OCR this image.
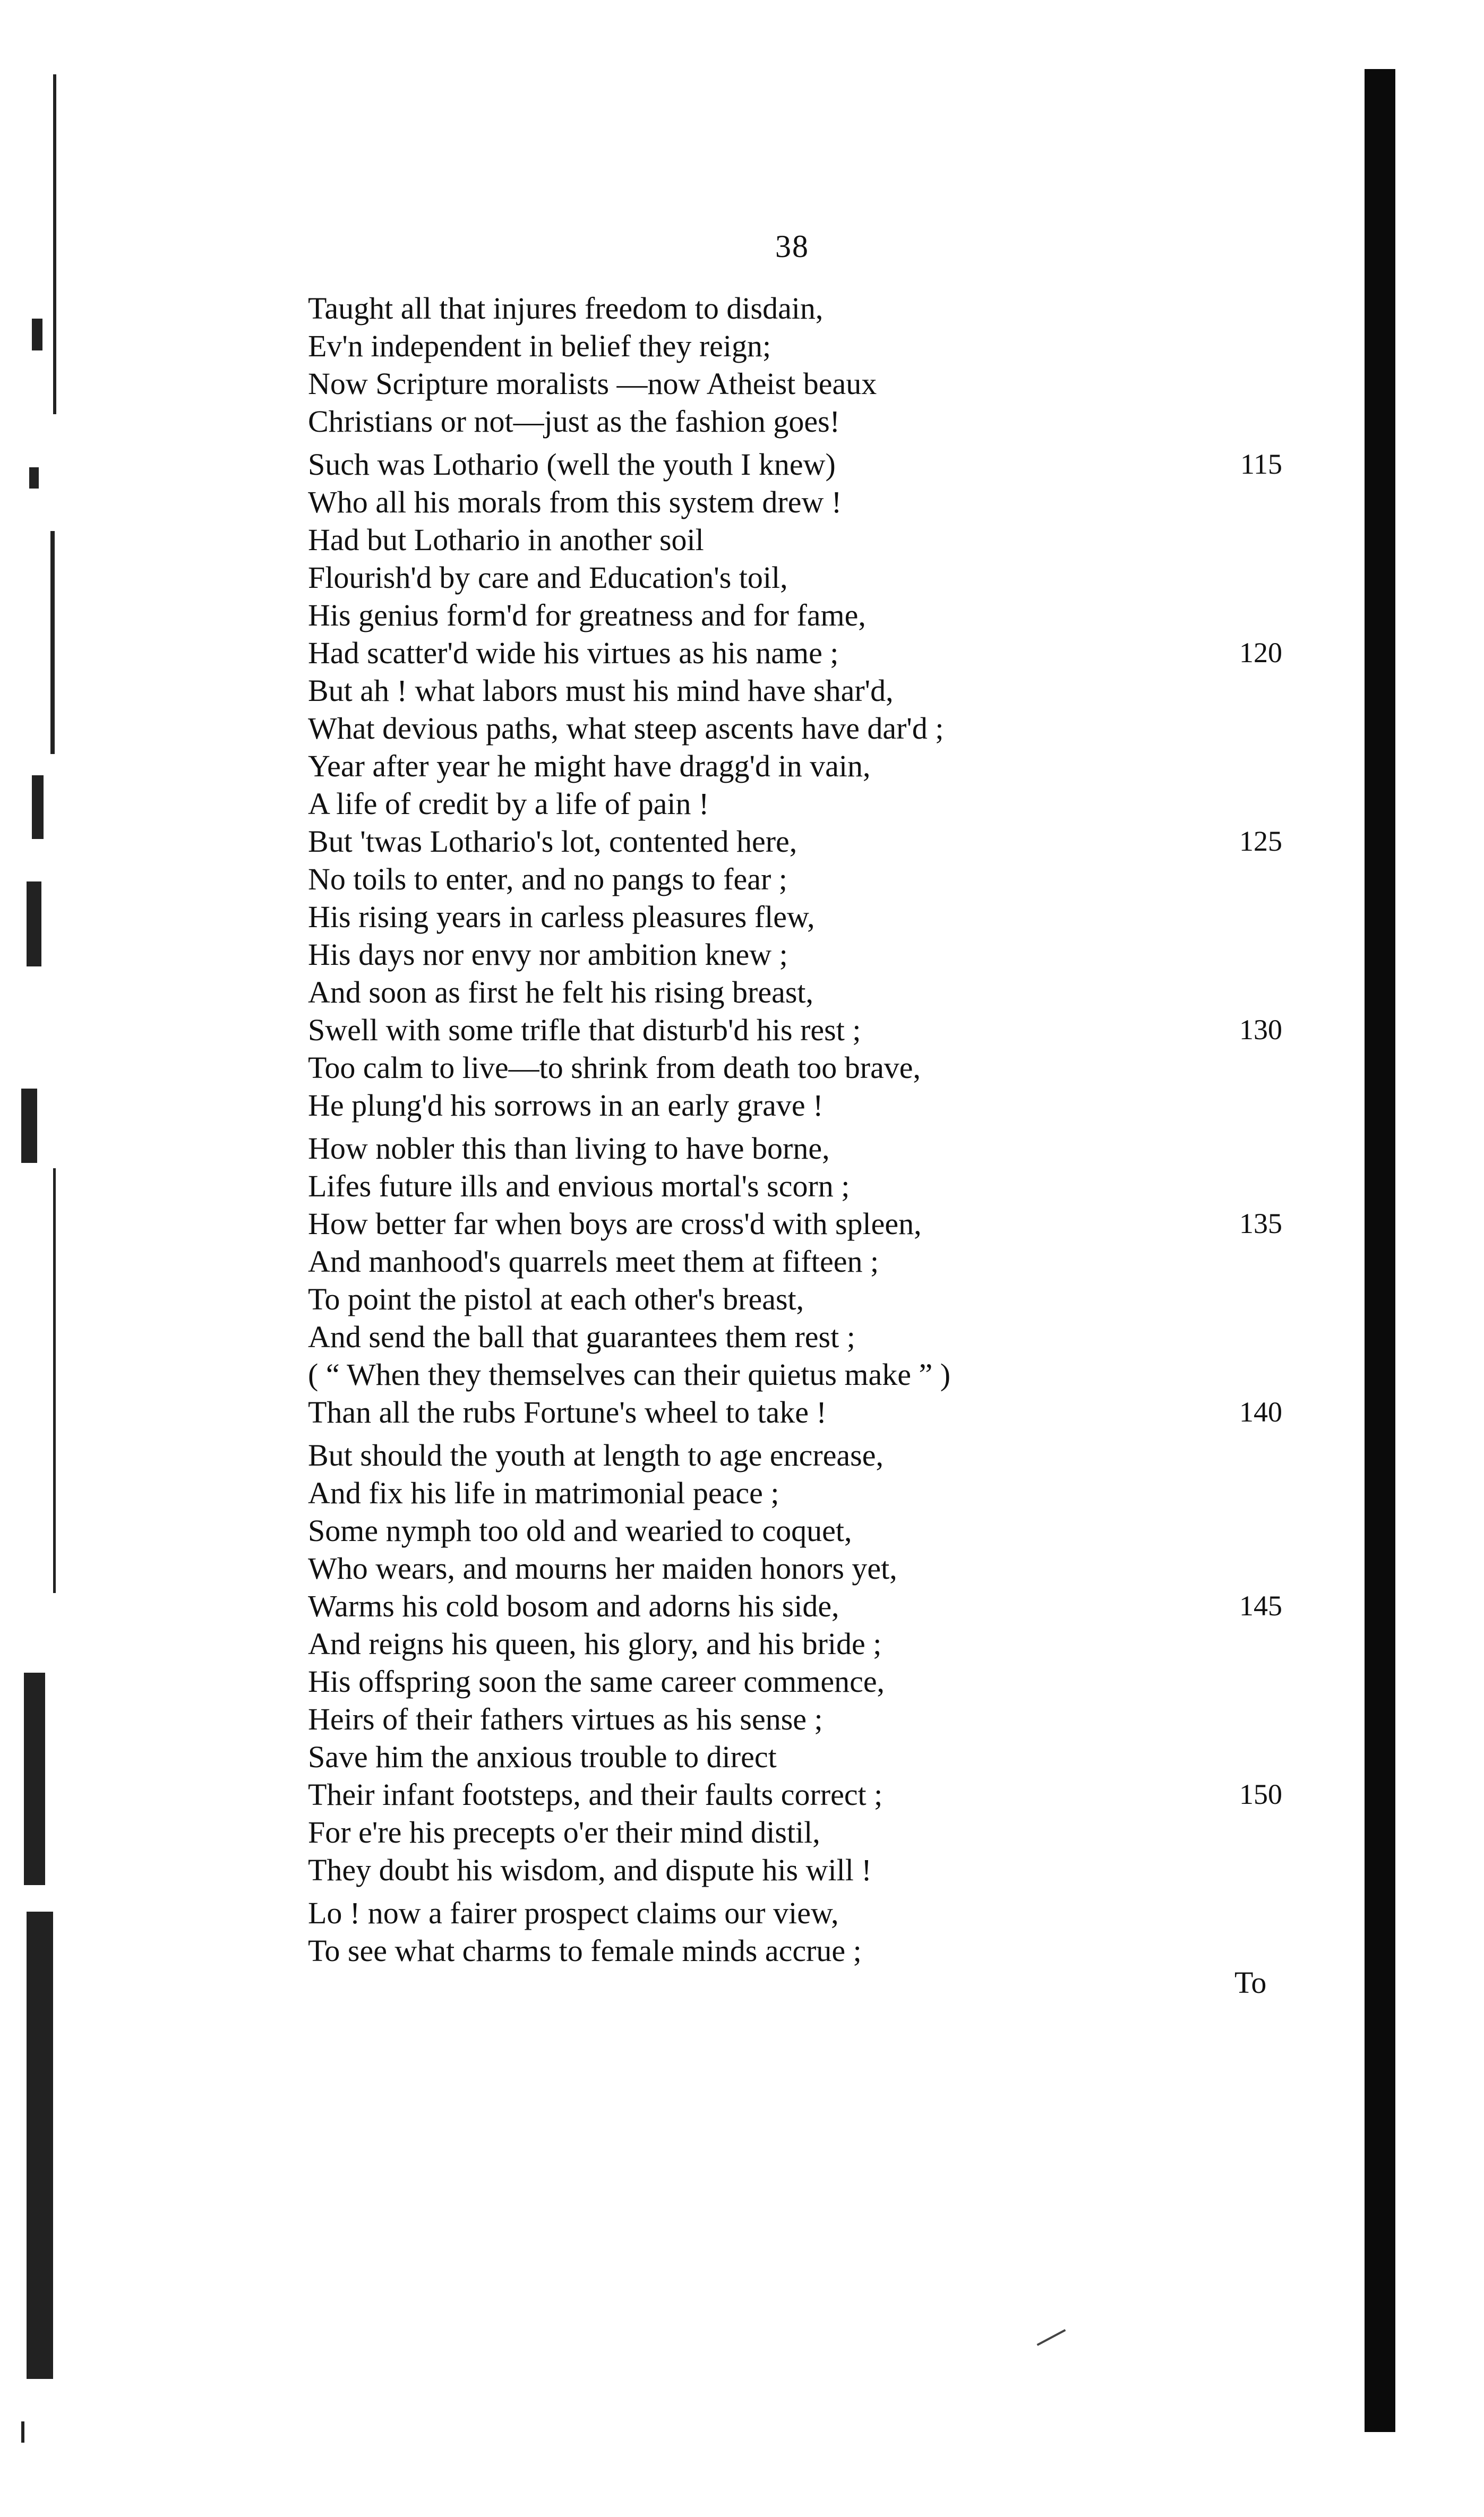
38
Taught all that injures freedom to disdain,
Ev'n independent in belief they reign;
Now Scripture moralists —now Atheist beaux
Christians or not—just as the fashion goes!
Such was Lothario (well the youth I knew)	115
Who all his morals from this system drew !
Had but Lothario in another soil
Flourish'd by care and Education's toil,
His genius form'd for greatness and for fame,
Had scatter'd wide his virtues as his name ;	120
But ah ! what labors must his mind have shar'd,
What devious paths, what steep ascents have dar'd ;
Year after year he might have dragg'd in vain,
A life of credit by a life of pain !
But 'twas Lothario's lot, contented here,	125
No toils to enter, and no pangs to fear ;
His rising years in carless pleasures flew,
His days nor envy nor ambition knew ;
And soon as first he felt his rising breast,
Swell with some trifle that disturb'd his rest ;	130
Too calm to live—to shrink from death too brave,
He plung'd his sorrows in an early grave !
How nobler this than living to have borne,
Lifes future ills and envious mortal's scorn ;
How better far when boys are cross'd with spleen,	135
And manhood's quarrels meet them at fifteen ;
To point the pistol at each other's breast,
And send the ball that guarantees them rest ;
( “ When they themselves can their quietus make ” )
Than all the rubs Fortune's wheel to take !	140
But should the youth at length to age encrease,
And fix his life in matrimonial peace ;
Some nymph too old and wearied to coquet,
Who wears, and mourns her maiden honors yet,
Warms his cold bosom and adorns his side,	145
And reigns his queen, his glory, and his bride ;
His offspring soon the same career commence,
Heirs of their fathers virtues as his sense ;
Save him the anxious trouble to direct
Their infant footsteps, and their faults correct ;	150
For e're his precepts o'er their mind distil,
They doubt his wisdom, and dispute his will !
Lo ! now a fairer prospect claims our view,
To see what charms to female minds accrue ;
To
